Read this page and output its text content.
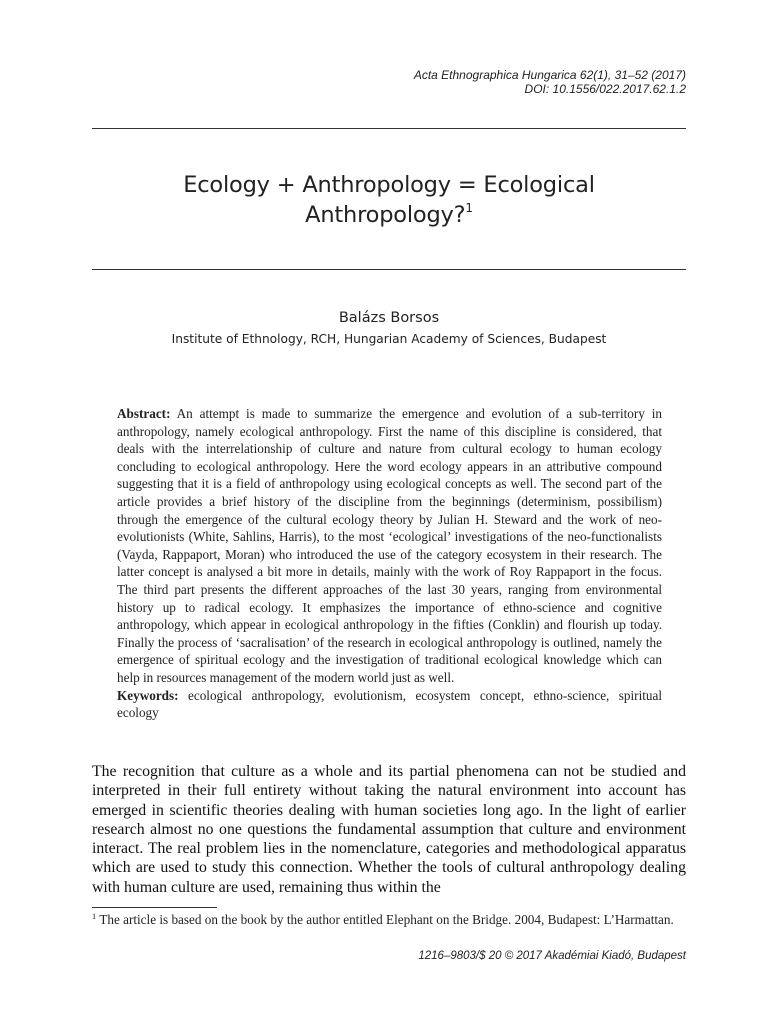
Acta Ethnographica Hungarica 62(1), 31–52 (2017)
DOI: 10.1556/022.2017.62.1.2
Ecology + Anthropology = Ecological
Anthropology?$^1$
Balázs Borsos
Institute of Ethnology, RCH, Hungarian Academy of Sciences, Budapest

Abstract: An attempt is made to summarize the emergence and evolution of a sub-territory in anthropology, namely ecological anthropology. First the name of this discipline is considered, that deals with the interrelationship of culture and nature from cultural ecology to human ecology concluding to ecological anthropology. Here the word ecology appears in an attributive compound suggesting that it is a field of anthropology using ecological concepts as well. The second part of the article provides a brief history of the discipline from the beginnings (determinism, possibilism) through the emergence of the cultural ecology theory by Julian H. Steward and the work of neo-evolutionists (White, Sahlins, Harris), to the most ‘ecological’ investigations of the neo-functionalists (Vayda, Rappaport, Moran) who introduced the use of the category ecosystem in their research. The latter concept is analysed a bit more in details, mainly with the work of Roy Rappaport in the focus. The third part presents the different approaches of the last 30 years, ranging from environmental history up to radical ecology. It emphasizes the importance of ethno-science and cognitive anthropology, which appear in ecological anthropology in the fifties (Conklin) and flourish up today. Finally the process of ‘sacralisation’ of the research in ecological anthropology is outlined, namely the emergence of spiritual ecology and the investigation of traditional ecological knowledge which can help in resources management of the modern world just as well.

Keywords: ecological anthropology, evolutionism, ecosystem concept, ethno-science, spiritual ecology

The recognition that culture as a whole and its partial phenomena can not be studied and interpreted in their full entirety without taking the natural environment into account has emerged in scientific theories dealing with human societies long ago. In the light of earlier research almost no one questions the fundamental assumption that culture and environment interact. The real problem lies in the nomenclature, categories and methodological apparatus which are used to study this connection. Whether the tools of cultural anthropology dealing with human culture are used, remaining thus within the

$^1$ The article is based on the book by the author entitled Elephant on the Bridge. 2004, Budapest: L’Harmattan.
1216–9803/$ 20 © 2017 Akadémiai Kiadó, Budapest
